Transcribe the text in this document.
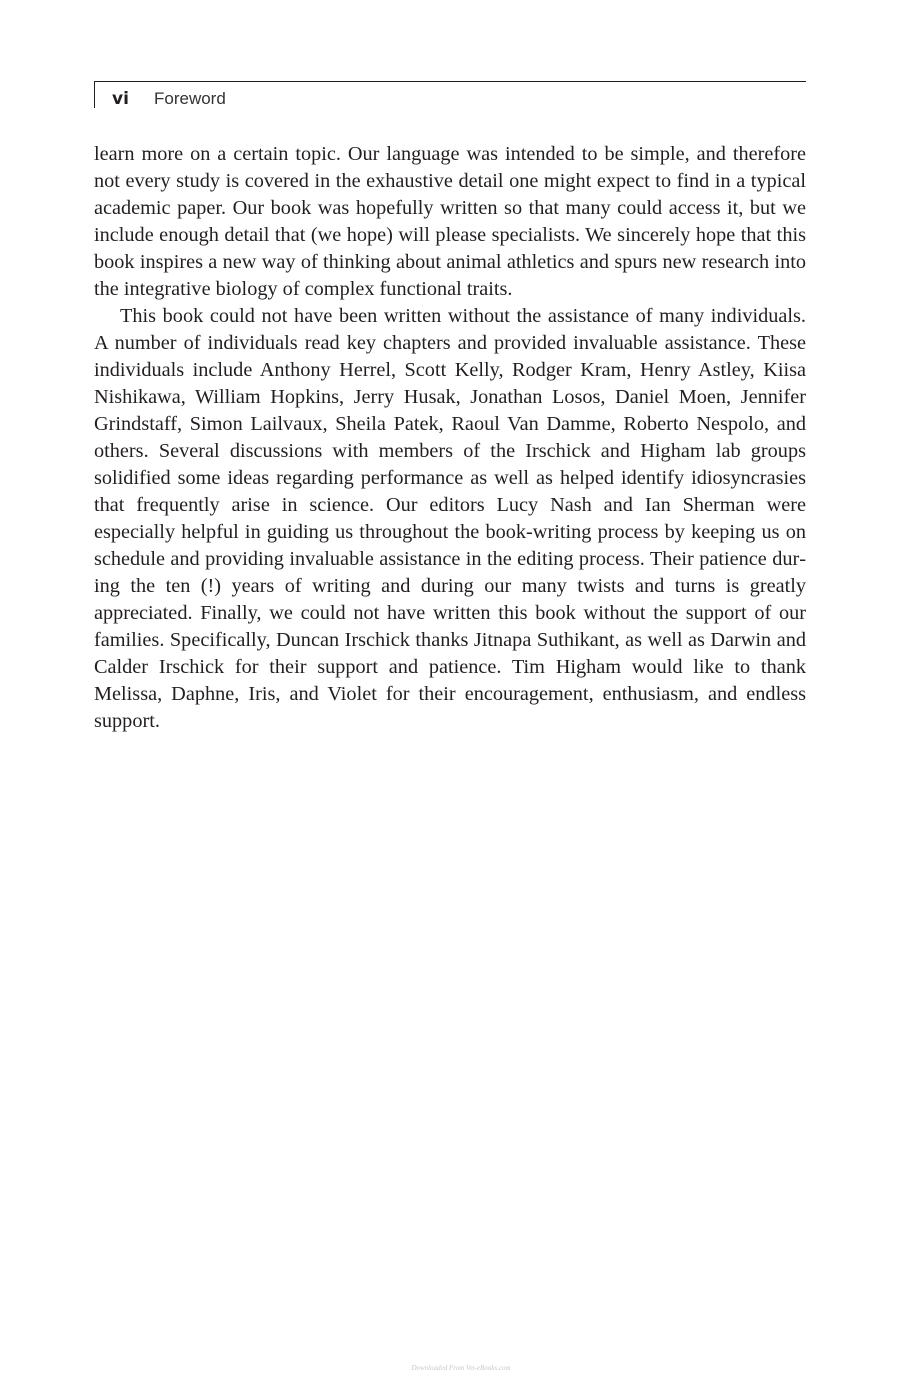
vi Foreword

learn more on a certain topic. Our language was intended to be simple, and therefore not every study is covered in the exhaustive detail one might expect to find in a typical academic paper. Our book was hopefully written so that many could access it, but we include enough detail that (we hope) will please specialists. We sincerely hope that this book inspires a new way of thinking about animal athletics and spurs new research into the integrative biology of complex functional traits.

This book could not have been written without the assistance of many individuals. A number of individuals read key chapters and provided invaluable assistance. These individuals include Anthony Herrel, Scott Kelly, Rodger Kram, Henry Astley, Kiisa Nishikawa, William Hopkins, Jerry Husak, Jonathan Losos, Daniel Moen, Jennifer Grindstaff, Simon Lailvaux, Sheila Patek, Raoul Van Damme, Roberto Nespolo, and others. Several discussions with members of the Irschick and Higham lab groups solidified some ideas regarding performance as well as helped identify idiosyncrasies that frequently arise in science. Our editors Lucy Nash and Ian Sherman were especially helpful in guiding us throughout the book-writing process by keeping us on schedule and providing invaluable assistance in the editing process. Their patience during the ten (!) years of writing and during our many twists and turns is greatly appreciated. Finally, we could not have written this book without the support of our families. Specifically, Duncan Irschick thanks Jitnapa Suthikant, as well as Darwin and Calder Irschick for their support and patience. Tim Higham would like to thank Melissa, Daphne, Iris, and Violet for their encouragement, enthusiasm, and endless support.

Downloaded From Vet-eBooks.com
